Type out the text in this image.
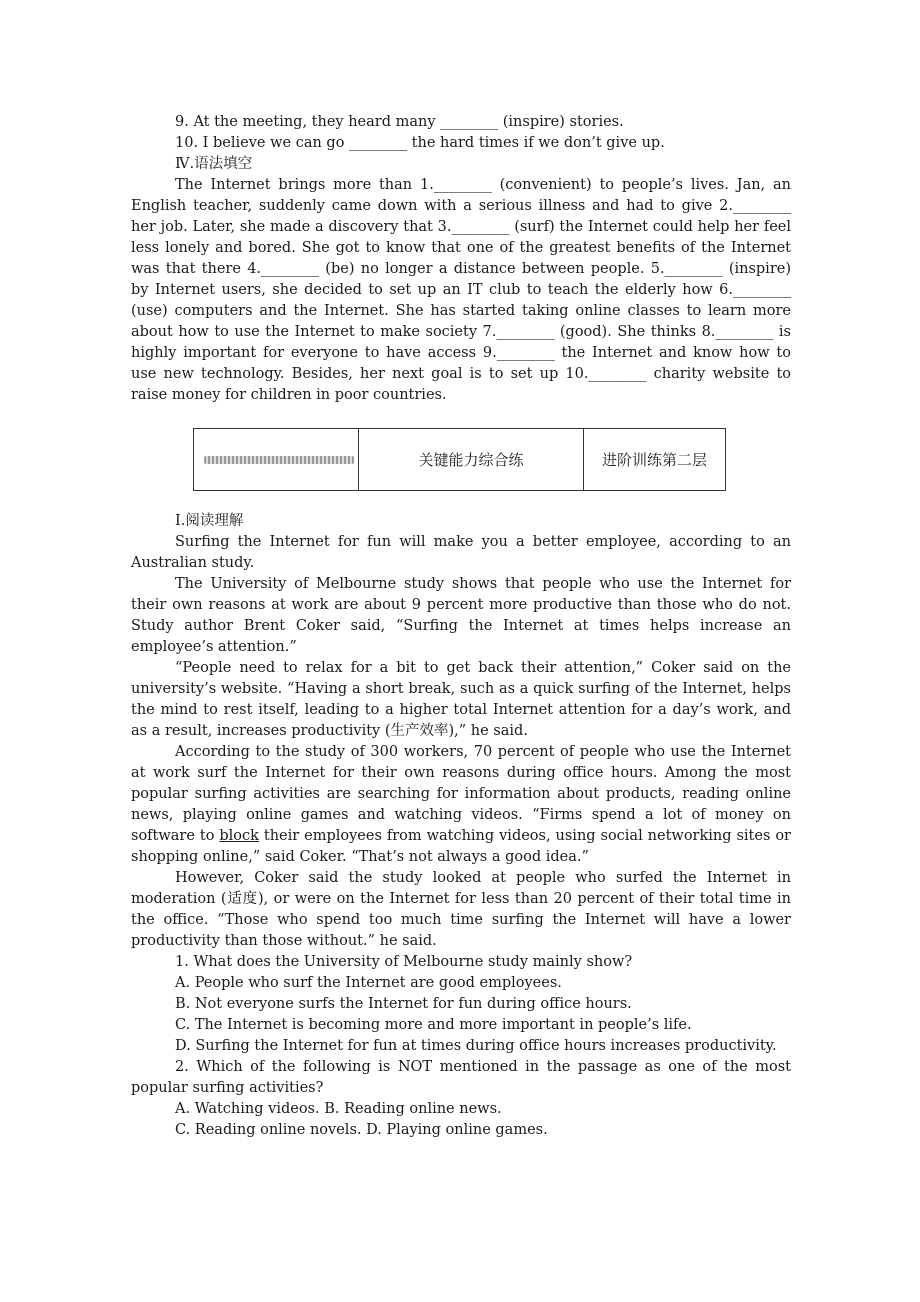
9. At the meeting, they heard many ________ (inspire) stories.
10. I believe we can go ________ the hard times if we don’t give up.
Ⅳ.语法填空
The Internet brings more than 1.________ (convenient) to people’s lives. Jan, an English teacher, suddenly came down with a serious illness and had to give 2.________ her job. Later, she made a discovery that 3.________ (surf) the Internet could help her feel less lonely and bored. She got to know that one of the greatest benefits of the Internet was that there 4.________ (be) no longer a distance between people. 5.________ (inspire) by Internet users, she decided to set up an IT club to teach the elderly how 6.________ (use) computers and the Internet. She has started taking online classes to learn more about how to use the Internet to make society 7.________ (good). She thinks 8.________ is highly important for everyone to have access 9.________ the Internet and know how to use new technology. Besides, her next goal is to set up 10.________ charity website to raise money for children in poor countries.
关键能力综合练	进阶训练第二层
Ⅰ.阅读理解
Surfing the Internet for fun will make you a better employee, according to an Australian study.
The University of Melbourne study shows that people who use the Internet for their own reasons at work are about 9 percent more productive than those who do not. Study author Brent Coker said, “Surfing the Internet at times helps increase an employee’s attention.”
“People need to relax for a bit to get back their attention,” Coker said on the university’s website. “Having a short break, such as a quick surfing of the Internet, helps the mind to rest itself, leading to a higher total Internet attention for a day’s work, and as a result, increases productivity (生产效率),” he said.
According to the study of 300 workers, 70 percent of people who use the Internet at work surf the Internet for their own reasons during office hours. Among the most popular surfing activities are searching for information about products, reading online news, playing online games and watching videos. “Firms spend a lot of money on software to block their employees from watching videos, using social networking sites or shopping online,” said Coker. “That’s not always a good idea.”
However, Coker said the study looked at people who surfed the Internet in moderation (适度), or were on the Internet for less than 20 percent of their total time in the office. “Those who spend too much time surfing the Internet will have a lower productivity than those without.” he said.
1. What does the University of Melbourne study mainly show?
A. People who surf the Internet are good employees.
B. Not everyone surfs the Internet for fun during office hours.
C. The Internet is becoming more and more important in people’s life.
D. Surfing the Internet for fun at times during office hours increases productivity.
2. Which of the following is NOT mentioned in the passage as one of the most popular surfing activities?
A. Watching videos. B. Reading online news.
C. Reading online novels. D. Playing online games.
